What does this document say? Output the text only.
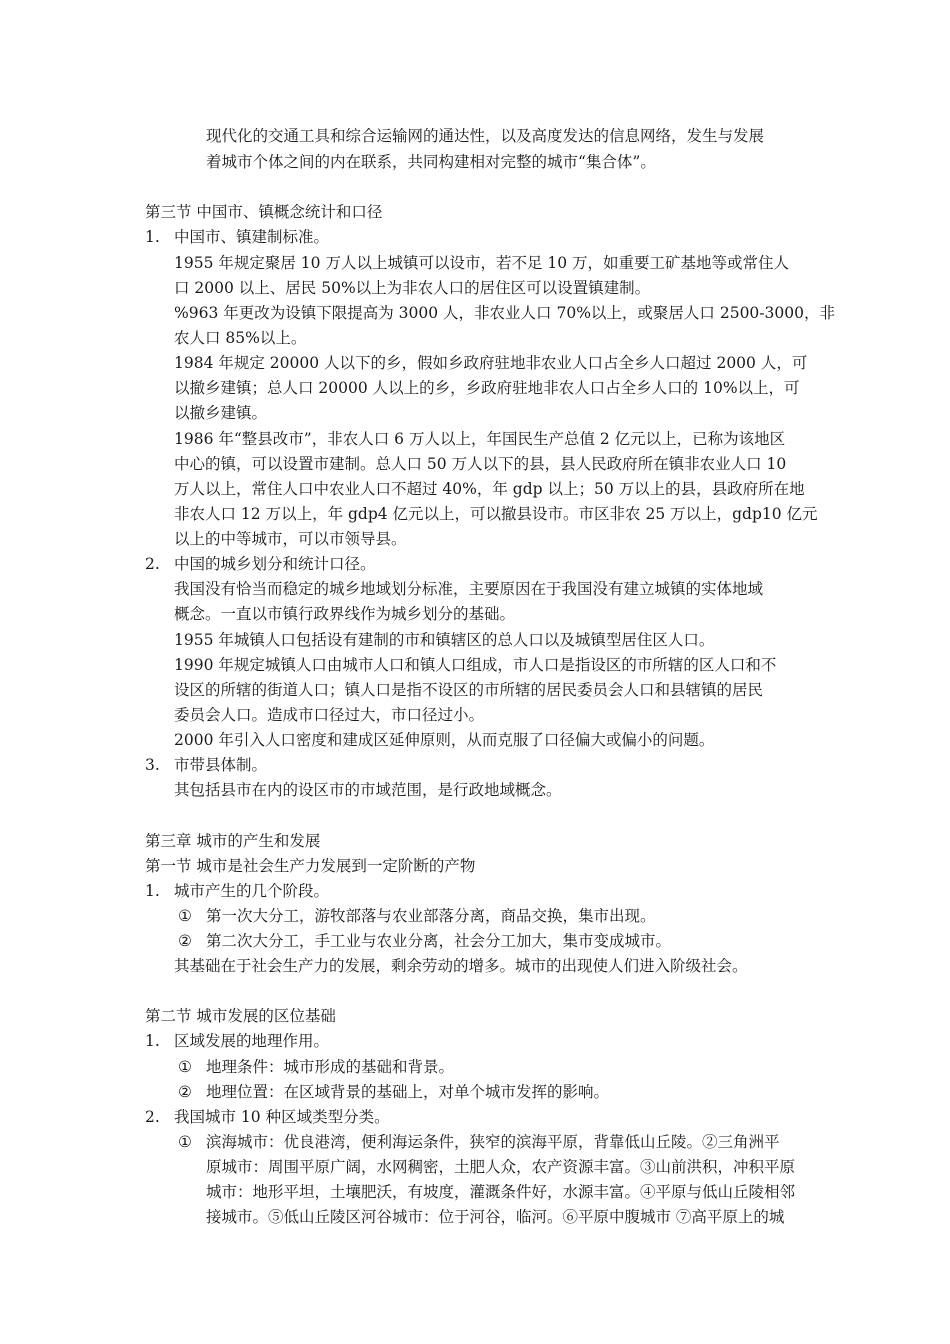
现代化的交通工具和综合运输网的通达性，以及高度发达的信息网络，发生与发展
着城市个体之间的内在联系，共同构建相对完整的城市“集合体”。
第三节 中国市、镇概念统计和口径
1. 中国市、镇建制标准。
1955 年规定聚居 10 万人以上城镇可以设市，若不足 10 万，如重要工矿基地等或常住人
口 2000 以上、居民 50%以上为非农人口的居住区可以设置镇建制。
%963 年更改为设镇下限提高为 3000 人，非农业人口 70%以上，或聚居人口 2500-3000，非
农人口 85%以上。
1984 年规定 20000 人以下的乡，假如乡政府驻地非农业人口占全乡人口超过 2000 人，可
以撤乡建镇；总人口 20000 人以上的乡，乡政府驻地非农人口占全乡人口的 10%以上，可
以撤乡建镇。
1986 年“整县改市”，非农人口 6 万人以上，年国民生产总值 2 亿元以上，已称为该地区
中心的镇，可以设置市建制。总人口 50 万人以下的县，县人民政府所在镇非农业人口 10
万人以上，常住人口中农业人口不超过 40%，年 gdp 以上；50 万以上的县，县政府所在地
非农人口 12 万以上，年 gdp4 亿元以上，可以撤县设市。市区非农 25 万以上，gdp10 亿元
以上的中等城市，可以市领导县。
2. 中国的城乡划分和统计口径。
我国没有恰当而稳定的城乡地域划分标准，主要原因在于我国没有建立城镇的实体地域
概念。一直以市镇行政界线作为城乡划分的基础。
1955 年城镇人口包括设有建制的市和镇辖区的总人口以及城镇型居住区人口。
1990 年规定城镇人口由城市人口和镇人口组成，市人口是指设区的市所辖的区人口和不
设区的所辖的街道人口；镇人口是指不设区的市所辖的居民委员会人口和县辖镇的居民
委员会人口。造成市口径过大，市口径过小。
2000 年引入人口密度和建成区延伸原则，从而克服了口径偏大或偏小的问题。
3. 市带县体制。
其包括县市在内的设区市的市域范围，是行政地域概念。
第三章 城市的产生和发展
第一节 城市是社会生产力发展到一定阶断的产物
1. 城市产生的几个阶段。
① 第一次大分工，游牧部落与农业部落分离，商品交换，集市出现。
② 第二次大分工，手工业与农业分离，社会分工加大，集市变成城市。
其基础在于社会生产力的发展，剩余劳动的增多。城市的出现使人们进入阶级社会。
第二节 城市发展的区位基础
1. 区域发展的地理作用。
① 地理条件：城市形成的基础和背景。
② 地理位置：在区域背景的基础上，对单个城市发挥的影响。
2. 我国城市 10 种区域类型分类。
① 滨海城市：优良港湾，便利海运条件，狭窄的滨海平原，背靠低山丘陵。②三角洲平
原城市：周围平原广阔，水网稠密，土肥人众，农产资源丰富。③山前洪积，冲积平原
城市：地形平坦，土壤肥沃，有坡度，灌溉条件好，水源丰富。④平原与低山丘陵相邻
接城市。⑤低山丘陵区河谷城市：位于河谷，临河。⑥平原中腹城市 ⑦高平原上的城
